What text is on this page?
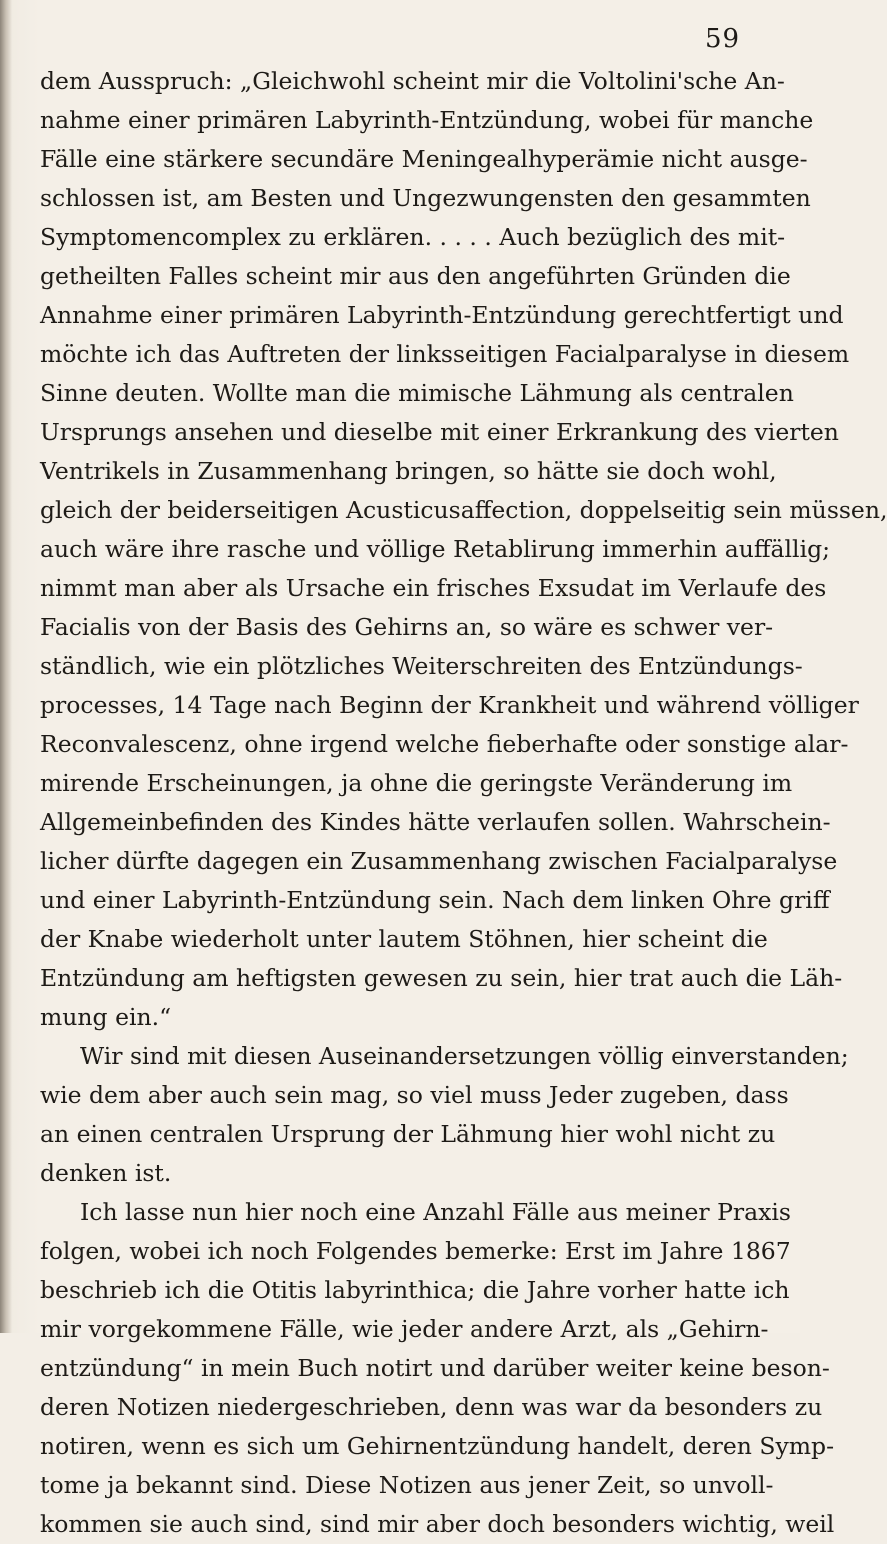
59
dem Ausspruch: „Gleichwohl scheint mir die Voltolini'sche An-
nahme einer primären Labyrinth-Entzündung, wobei für manche
Fälle eine stärkere secundäre Meningealhyperämie nicht ausge-
schlossen ist, am Besten und Ungezwungensten den gesammten
Symptomencomplex zu erklären. . . . . Auch bezüglich des mit-
getheilten Falles scheint mir aus den angeführten Gründen die
Annahme einer primären Labyrinth-Entzündung gerechtfertigt und
möchte ich das Auftreten der linksseitigen Facialparalyse in diesem
Sinne deuten. Wollte man die mimische Lähmung als centralen
Ursprungs ansehen und dieselbe mit einer Erkrankung des vierten
Ventrikels in Zusammenhang bringen, so hätte sie doch wohl,
gleich der beiderseitigen Acusticusaffection, doppelseitig sein müssen,
auch wäre ihre rasche und völlige Retablirung immerhin auffällig;
nimmt man aber als Ursache ein frisches Exsudat im Verlaufe des
Facialis von der Basis des Gehirns an, so wäre es schwer ver-
ständlich, wie ein plötzliches Weiterschreiten des Entzündungs-
processes, 14 Tage nach Beginn der Krankheit und während völliger
Reconvalescenz, ohne irgend welche fieberhafte oder sonstige alar-
mirende Erscheinungen, ja ohne die geringste Veränderung im
Allgemeinbefinden des Kindes hätte verlaufen sollen. Wahrschein-
licher dürfte dagegen ein Zusammenhang zwischen Facialparalyse
und einer Labyrinth-Entzündung sein. Nach dem linken Ohre griff
der Knabe wiederholt unter lautem Stöhnen, hier scheint die
Entzündung am heftigsten gewesen zu sein, hier trat auch die Läh-
mung ein.“
Wir sind mit diesen Auseinandersetzungen völlig einverstanden;
wie dem aber auch sein mag, so viel muss Jeder zugeben, dass
an einen centralen Ursprung der Lähmung hier wohl nicht zu
denken ist.
Ich lasse nun hier noch eine Anzahl Fälle aus meiner Praxis
folgen, wobei ich noch Folgendes bemerke: Erst im Jahre 1867
beschrieb ich die Otitis labyrinthica; die Jahre vorher hatte ich
mir vorgekommene Fälle, wie jeder andere Arzt, als „Gehirn-
entzündung“ in mein Buch notirt und darüber weiter keine beson-
deren Notizen niedergeschrieben, denn was war da besonders zu
notiren, wenn es sich um Gehirnentzündung handelt, deren Symp-
tome ja bekannt sind. Diese Notizen aus jener Zeit, so unvoll-
kommen sie auch sind, sind mir aber doch besonders wichtig, weil
